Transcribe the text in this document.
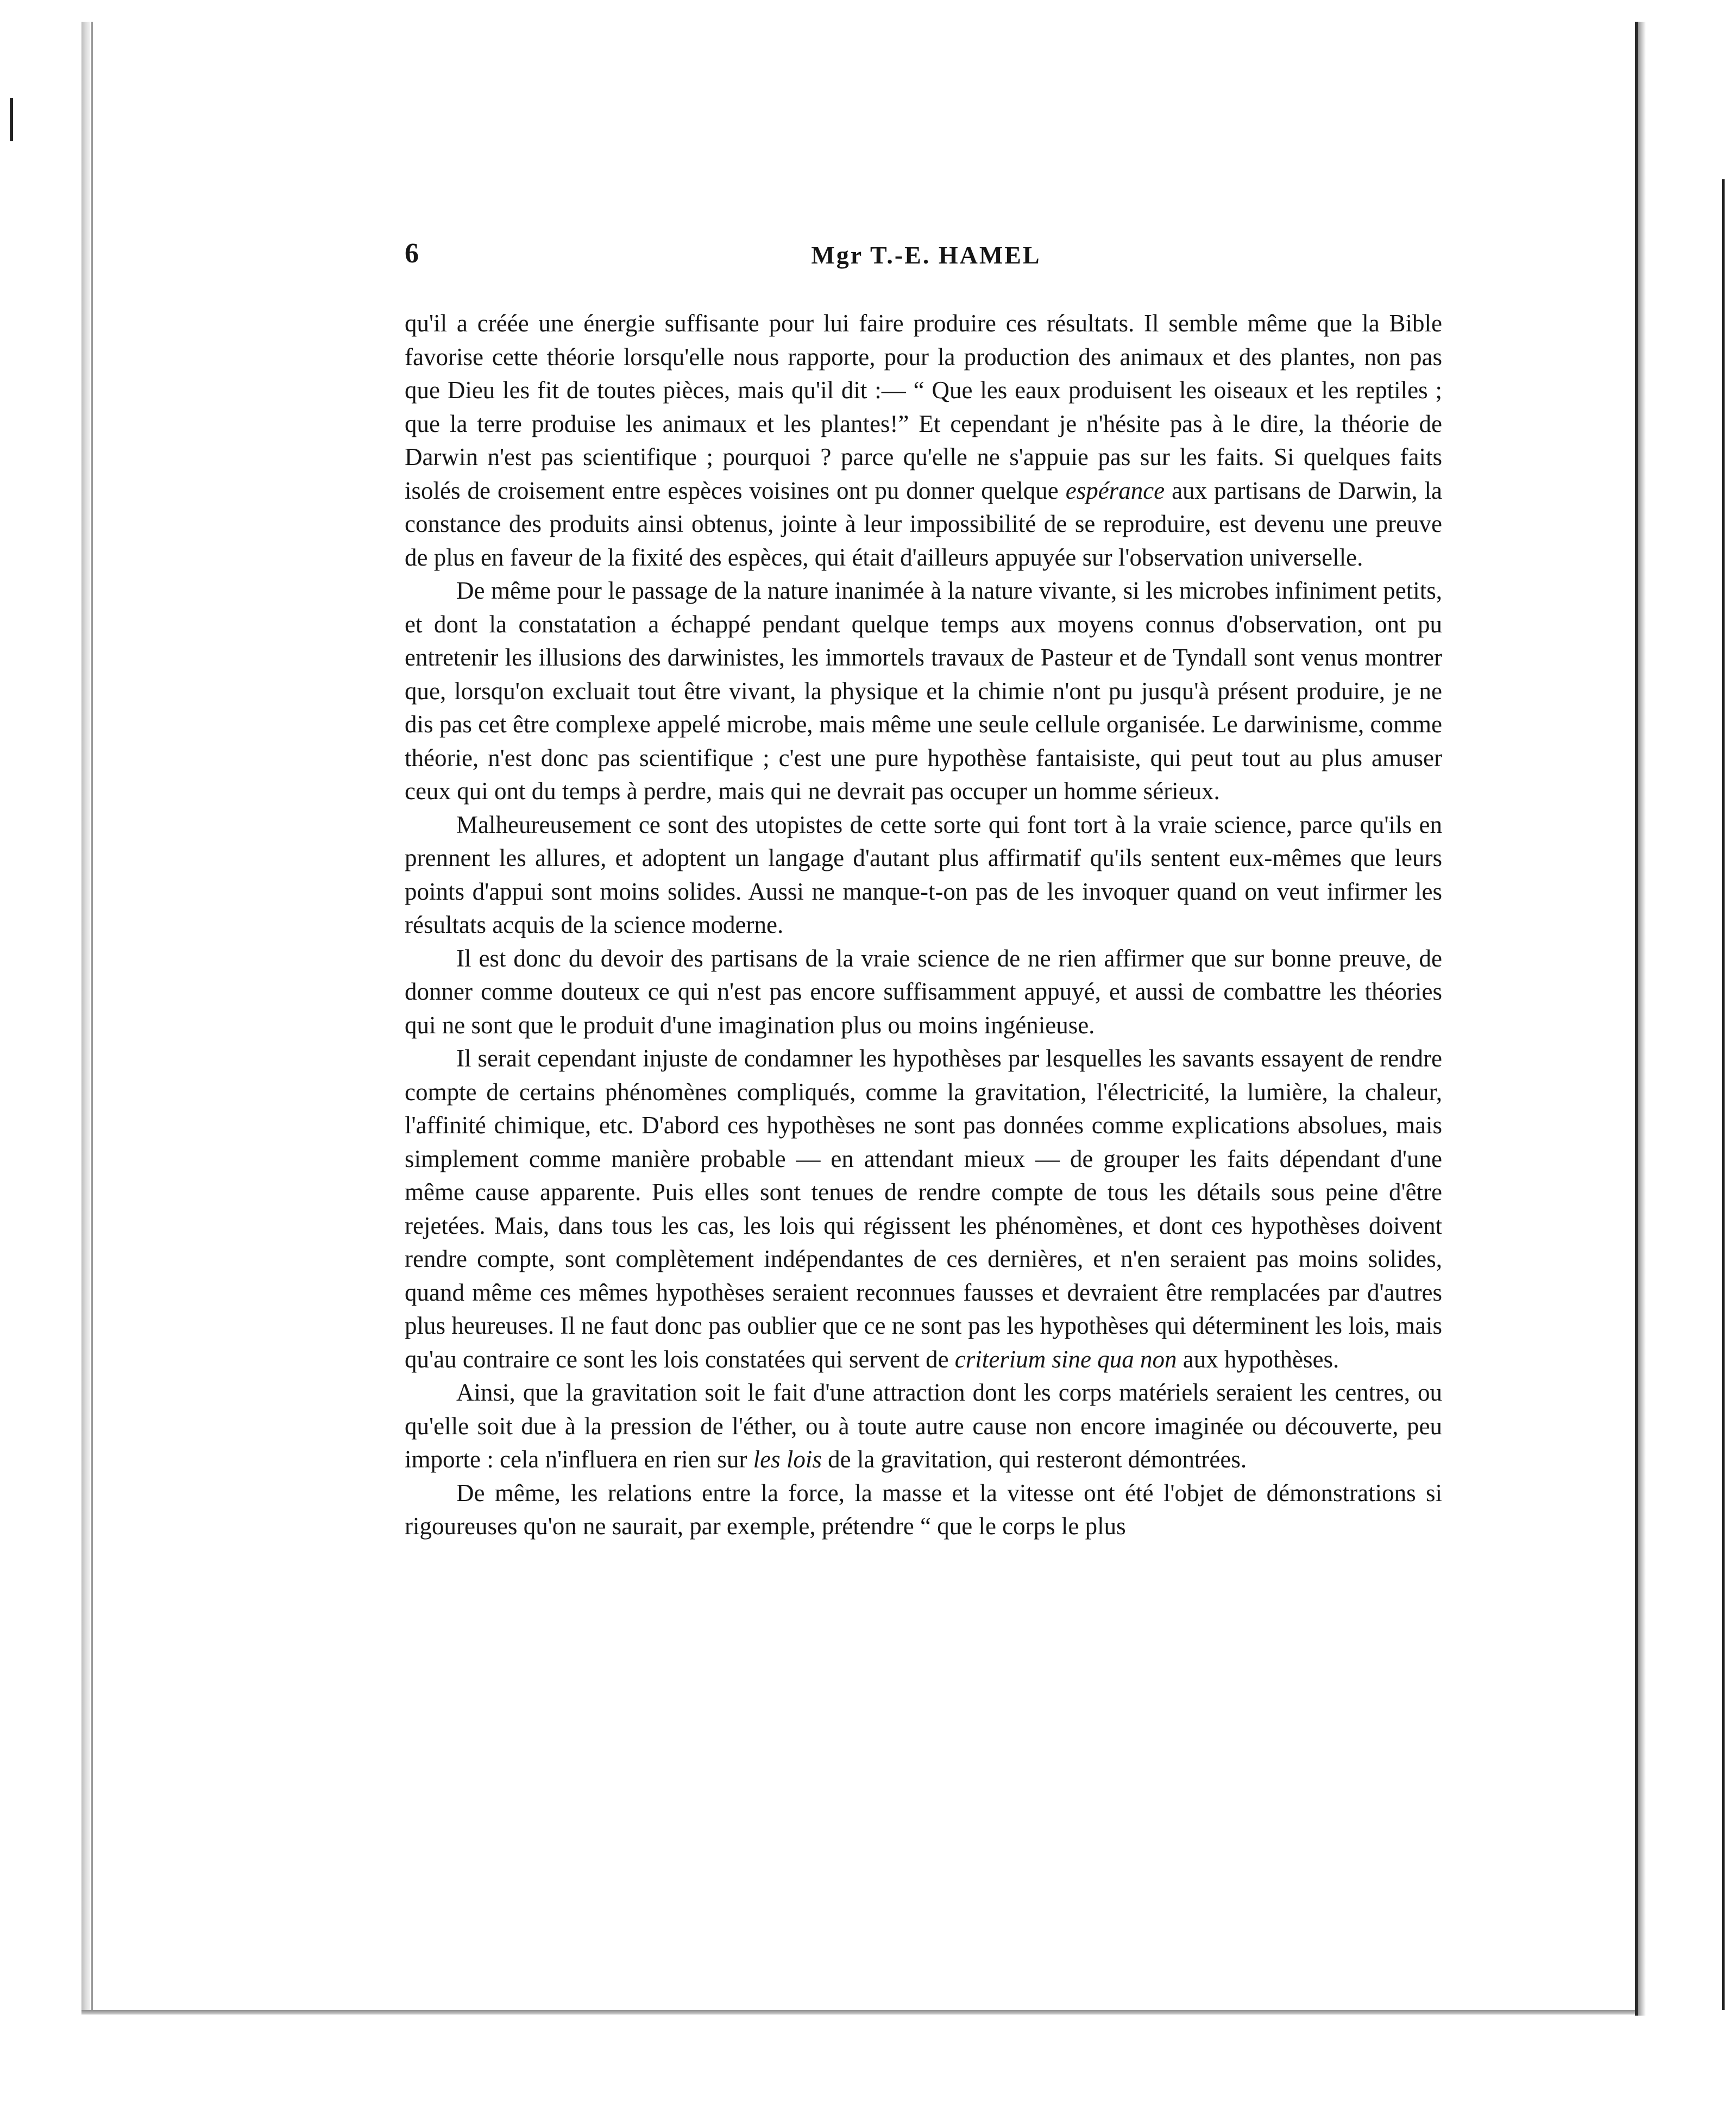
6	Mgr T.-E. HAMEL

qu'il a créée une énergie suffisante pour lui faire produire ces résultats. Il semble même que la Bible favorise cette théorie lorsqu'elle nous rapporte, pour la production des animaux et des plantes, non pas que Dieu les fit de toutes pièces, mais qu'il dit :— “ Que les eaux produisent les oiseaux et les reptiles ; que la terre produise les animaux et les plantes!” Et cependant je n'hésite pas à le dire, la théorie de Darwin n'est pas scientifique ; pourquoi ? parce qu'elle ne s'appuie pas sur les faits. Si quelques faits isolés de croisement entre espèces voisines ont pu donner quelque espérance aux partisans de Darwin, la constance des produits ainsi obtenus, jointe à leur impossibilité de se reproduire, est devenu une preuve de plus en faveur de la fixité des espèces, qui était d'ailleurs appuyée sur l'observation universelle.

De même pour le passage de la nature inanimée à la nature vivante, si les microbes infiniment petits, et dont la constatation a échappé pendant quelque temps aux moyens connus d'observation, ont pu entretenir les illusions des darwinistes, les immortels travaux de Pasteur et de Tyndall sont venus montrer que, lorsqu'on excluait tout être vivant, la physique et la chimie n'ont pu jusqu'à présent produire, je ne dis pas cet être complexe appelé microbe, mais même une seule cellule organisée. Le darwinisme, comme théorie, n'est donc pas scientifique ; c'est une pure hypothèse fantaisiste, qui peut tout au plus amuser ceux qui ont du temps à perdre, mais qui ne devrait pas occuper un homme sérieux.

Malheureusement ce sont des utopistes de cette sorte qui font tort à la vraie science, parce qu'ils en prennent les allures, et adoptent un langage d'autant plus affirmatif qu'ils sentent eux-mêmes que leurs points d'appui sont moins solides. Aussi ne manque-t-on pas de les invoquer quand on veut infirmer les résultats acquis de la science moderne.

Il est donc du devoir des partisans de la vraie science de ne rien affirmer que sur bonne preuve, de donner comme douteux ce qui n'est pas encore suffisamment appuyé, et aussi de combattre les théories qui ne sont que le produit d'une imagination plus ou moins ingénieuse.

Il serait cependant injuste de condamner les hypothèses par lesquelles les savants essayent de rendre compte de certains phénomènes compliqués, comme la gravitation, l'électricité, la lumière, la chaleur, l'affinité chimique, etc. D'abord ces hypothèses ne sont pas données comme explications absolues, mais simplement comme manière probable — en attendant mieux — de grouper les faits dépendant d'une même cause apparente. Puis elles sont tenues de rendre compte de tous les détails sous peine d'être rejetées. Mais, dans tous les cas, les lois qui régissent les phénomènes, et dont ces hypothèses doivent rendre compte, sont complètement indépendantes de ces dernières, et n'en seraient pas moins solides, quand même ces mêmes hypothèses seraient reconnues fausses et devraient être remplacées par d'autres plus heureuses. Il ne faut donc pas oublier que ce ne sont pas les hypothèses qui déterminent les lois, mais qu'au contraire ce sont les lois constatées qui servent de criterium sine qua non aux hypothèses.

Ainsi, que la gravitation soit le fait d'une attraction dont les corps matériels seraient les centres, ou qu'elle soit due à la pression de l'éther, ou à toute autre cause non encore imaginée ou découverte, peu importe : cela n'influera en rien sur les lois de la gravitation, qui resteront démontrées.

De même, les relations entre la force, la masse et la vitesse ont été l'objet de démonstrations si rigoureuses qu'on ne saurait, par exemple, prétendre “ que le corps le plus
